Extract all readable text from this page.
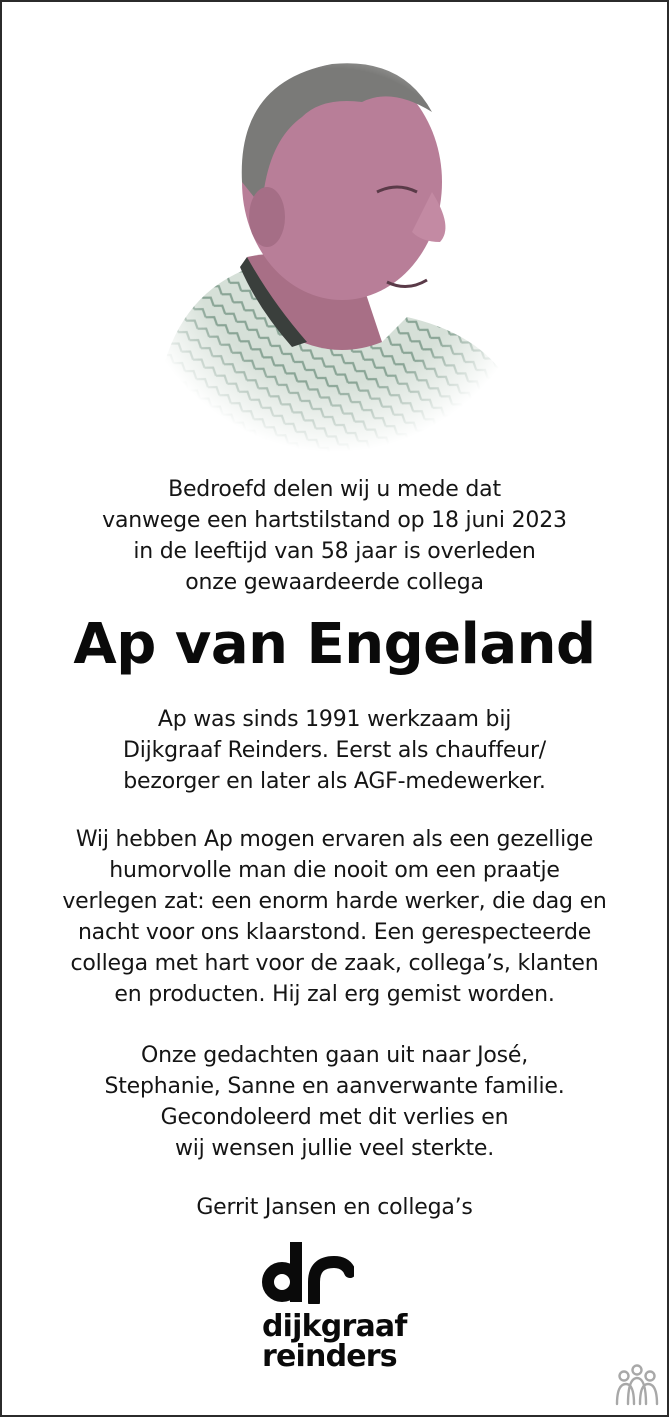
Bedroefd delen wij u mede dat
vanwege een hartstilstand op 18 juni 2023
in de leeftijd van 58 jaar is overleden
onze gewaardeerde collega
Ap van Engeland
Ap was sinds 1991 werkzaam bij
Dijkgraaf Reinders. Eerst als chauffeur/
bezorger en later als AGF-medewerker.
Wij hebben Ap mogen ervaren als een gezellige
humorvolle man die nooit om een praatje
verlegen zat: een enorm harde werker, die dag en
nacht voor ons klaarstond. Een gerespecteerde
collega met hart voor de zaak, collega’s, klanten
en producten. Hij zal erg gemist worden.
Onze gedachten gaan uit naar José,
Stephanie, Sanne en aanverwante familie.
Gecondoleerd met dit verlies en
wij wensen jullie veel sterkte.
Gerrit Jansen en collega’s
dijkgraaf
reinders
